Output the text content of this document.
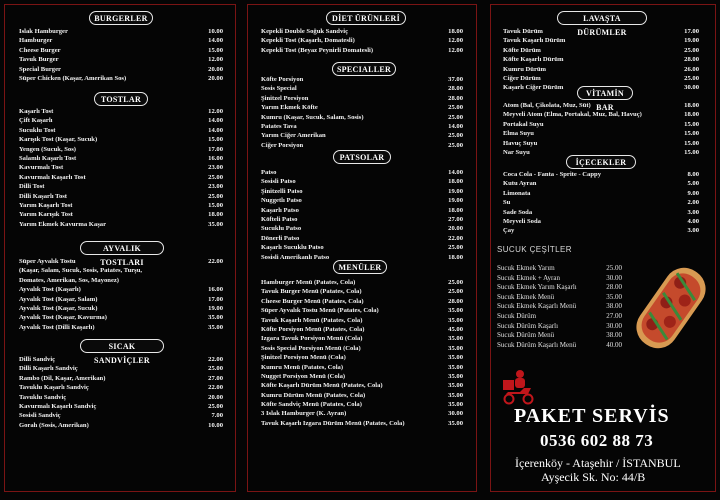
BURGERLER
Islak Hamburger	10.00
Hamburger	14.00
Cheese Burger	15.00
Tavuk Burger	12.00
Special Burger	20.00
Süper Chicken (Kaşar, Amerikan Sos)	20.00
TOSTLAR
Kaşarlı Tost	12.00
Çift Kaşarlı	14.00
Sucuklu Tost	14.00
Karışık Tost (Kaşar, Sucuk)	15.00
Yengen (Sucuk, Sos)	17.00
Salamlı Kaşarlı Tost	16.00
Kavurmalı Tost	23.00
Kavurmalı Kaşarlı Tost	25.00
Dilli Tost	23.00
Dilli Kaşarlı Tost	25.00
Yarım Kaşarlı Tost	15.00
Yarım Karışık Tost	18.00
Yarım Ekmek Kavurma Kaşar	35.00
AYVALIK TOSTLARI
Süper Ayvalık Tostu	22.00
(Kaşar, Salam, Sucuk, Sosis, Patates, Turşu,
Domates, Amerikan, Sos, Mayonez)
Ayvalık Tost (Kaşarlı)	16.00
Ayvalık Tost (Kaşar, Salam)	17.00
Ayvalık Tost (Kaşar, Sucuk)	19.00
Ayvalık Tost (Kaşar, Kavurma)	35.00
Ayvalık Tost (Dilli Kaşarlı)	35.00
SICAK SANDVİÇLER
Dilli Sandviç	22.00
Dilli Kaşarlı Sandviç	25.00
Rambo (Dil, Kaşar, Amerikan)	27.00
Tavuklu Kaşarlı Sandviç	22.00
Tavuklu Sandviç	20.00
Kavurmalı Kaşarlı Sandviç	25.00
Sosisli Sandviç	7.00
Gorah (Sosis, Amerikan)	10.00
DİET ÜRÜNLERİ
Kepekli Double Soğuk Sandviç	18.00
Kepekli Tost (Kaşarlı, Domatesli)	12.00
Kepekli Tost (Beyaz Peynirli Domatesli)	12.00
SPECIALLER
Köfte Porsiyon	37.00
Sosis Special	28.00
Şinitzel Porsiyon	28.00
Yarım Ekmek Köfte	25.00
Kumru (Kaşar, Sucuk, Salam, Sosis)	25.00
Patates Tava	14.00
Yarım Ciğer Amerikan	25.00
Ciğer Porsiyon	25.00
PATSOLAR
Patso	14.00
Sosisli Patso	18.00
Şinitzelli Patso	19.00
Nuggetlı Patso	19.00
Kaşarlı Patso	18.00
Köfteli Patso	27.00
Sucuklu Patso	20.00
Dönerli Patso	22.00
Kaşarlı Sucuklu Patso	25.00
Sosisli Amerikanlı Patso	18.00
MENÜLER
Hamburger Menü (Patates, Cola)	25.00
Tavuk Burger Menü (Patates, Cola)	25.00
Cheese Burger Menü (Patates, Cola)	28.00
Süper Ayvalık Tostu Menü (Patates, Cola)	35.00
Tavuk Kaşarlı Menü (Patates, Cola)	35.00
Köfte Porsiyon Menü (Patates, Cola)	45.00
Izgara Tavuk Porsiyon Menü (Cola)	35.00
Sosis Special Porsiyon Menü (Cola)	35.00
Şinitzel Porsiyon Menü (Cola)	35.00
Kumru Menü (Patates, Cola)	35.00
Nugget Porsiyon Menü (Cola)	35.00
Köfte Kaşarlı Dürüm Menü (Patates, Cola)	35.00
Kumru Dürüm Menü (Patates, Cola)	35.00
Köfte Sandviç Menü (Patates, Cola)	35.00
3 Islak Hamburger (K. Ayran)	30.00
Tavuk Kaşarlı Izgara Dürüm Menü (Patates, Cola)	35.00
LAVAŞTA DÜRÜMLER
Tavuk Dürüm	17.00
Tavuk Kaşarlı Dürüm	19.00
Köfte Dürüm	25.00
Köfte Kaşarlı Dürüm	28.00
Kumru Dürüm	26.00
Ciğer Dürüm	25.00
Kaşarlı Ciğer Dürüm	30.00
VİTAMİN BAR
Atom (Bal, Çikolata, Muz, Süt)	18.00
Meyveli Atom (Elma, Portakal, Muz, Bal, Havuç)	18.00
Portakal Suyu	15.00
Elma Suyu	15.00
Havuç Suyu	15.00
Nar Suyu	15.00
İÇECEKLER
Coca Cola - Fanta - Sprite - Cappy	8.00
Kutu Ayran	5.00
Limonata	9.00
Su	2.00
Sade Soda	3.00
Meyveli Soda	4.00
Çay	3.00
SUCUK ÇEŞİTLER
Sucuk Ekmek Yarım	25.00
Sucuk Ekmek + Ayran	30.00
Sucuk Ekmek Yarım Kaşarlı	28.00
Sucuk Ekmek Menü	35.00
Sucuk Ekmek Kaşarlı Menü	38.00
Sucuk Dürüm	27.00
Sucuk Dürüm Kaşarlı	30.00
Sucuk Dürüm Menü	38.00
Sucuk Dürüm Kaşarlı Menü	40.00
PAKET SERVİS
0536 602 88 73
İçerenköy - Ataşehir / İSTANBUL
Ayşecik Sk. No: 44/B
